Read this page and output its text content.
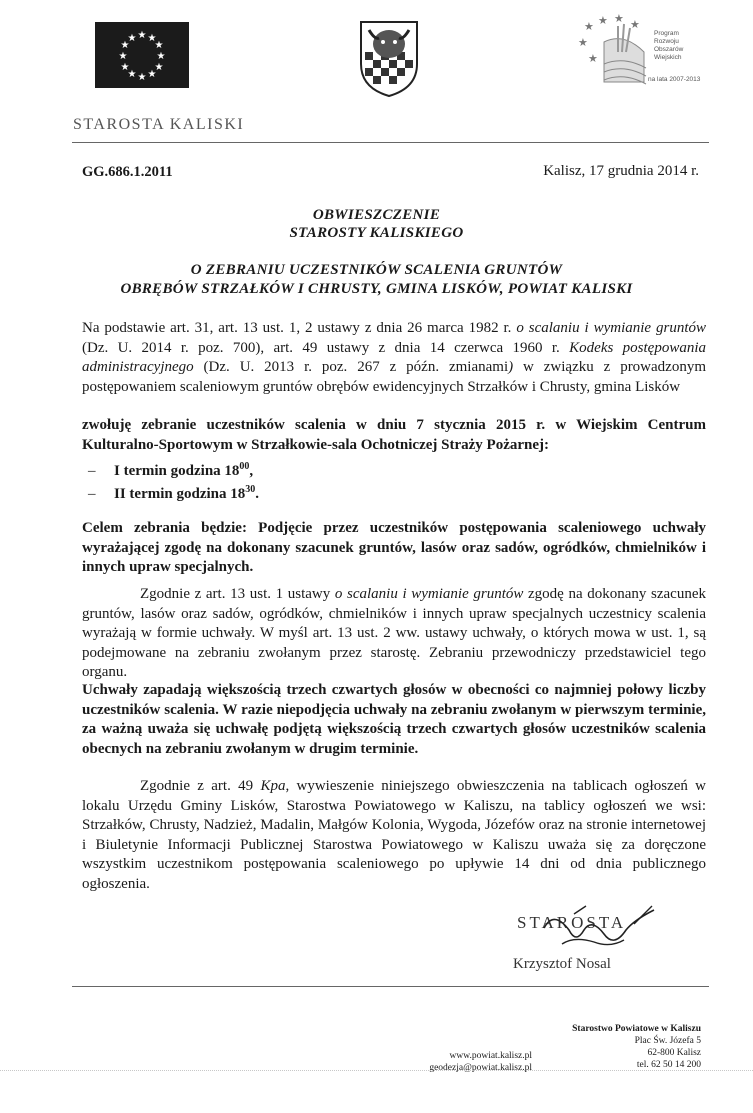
★ ★
★
★
★
★
★
★
★
★
★
★
★ ★ ★ ★
★
★
Program
Rozwoju
Obszarów
Wiejskich
na lata 2007-2013
STAROSTA KALISKI
GG.686.1.2011	Kalisz, 17 grudnia 2014 r.
OBWIESZCZENIE
STAROSTY KALISKIEGO
O ZEBRANIU UCZESTNIKÓW SCALENIA GRUNTÓW
OBRĘBÓW STRZAŁKÓW I CHRUSTY, GMINA LISKÓW, POWIAT KALISKI
Na podstawie art. 31, art. 13 ust. 1, 2 ustawy z dnia 26 marca 1982 r. o scalaniu i wymianie gruntów (Dz. U. 2014 r. poz. 700), art. 49 ustawy z dnia 14 czerwca 1960 r. Kodeks postępowania administracyjnego (Dz. U. 2013 r. poz. 267 z późn. zmianami) w związku z prowadzonym postępowaniem scaleniowym gruntów obrębów ewidencyjnych Strzałków i Chrusty, gmina Lisków
zwołuję zebranie uczestników scalenia w dniu 7 stycznia 2015 r. w Wiejskim Centrum Kulturalno-Sportowym w Strzałkowie-sala Ochotniczej Straży Pożarnej:
– I termin godzina $18^{00}$,
– II termin godzina $18^{30}$.
Celem zebrania będzie: Podjęcie przez uczestników postępowania scaleniowego uchwały wyrażającej zgodę na dokonany szacunek gruntów, lasów oraz sadów, ogródków, chmielników i innych upraw specjalnych.
Zgodnie z art. 13 ust. 1 ustawy o scalaniu i wymianie gruntów zgodę na dokonany szacunek gruntów, lasów oraz sadów, ogródków, chmielników i innych upraw specjalnych uczestnicy scalenia wyrażają w formie uchwały. W myśl art. 13 ust. 2 ww. ustawy uchwały, o których mowa w ust. 1, są podejmowane na zebraniu zwołanym przez starostę. Zebraniu przewodniczy przedstawiciel tego organu.
Uchwały zapadają większością trzech czwartych głosów w obecności co najmniej połowy liczby uczestników scalenia. W razie niepodjęcia uchwały na zebraniu zwołanym w pierwszym terminie, za ważną uważa się uchwałę podjętą większością trzech czwartych głosów uczestników scalenia obecnych na zebraniu zwołanym w drugim terminie.
Zgodnie z art. 49 Kpa, wywieszenie niniejszego obwieszczenia na tablicach ogłoszeń w lokalu Urzędu Gminy Lisków, Starostwa Powiatowego w Kaliszu, na tablicy ogłoszeń we wsi: Strzałków, Chrusty, Nadzież, Madalin, Małgów Kolonia, Wygoda, Józefów oraz na stronie internetowej i Biuletynie Informacji Publicznej Starostwa Powiatowego w Kaliszu uważa się za doręczone wszystkim uczestnikom postępowania scaleniowego po upływie 14 dni od dnia publicznego ogłoszenia.
STAROSTA
Krzysztof Nosal
Starostwo Powiatowe w Kaliszu
Plac Św. Józefa 5
62-800 Kalisz
tel. 62 50 14 200
www.powiat.kalisz.pl
geodezja@powiat.kalisz.pl
